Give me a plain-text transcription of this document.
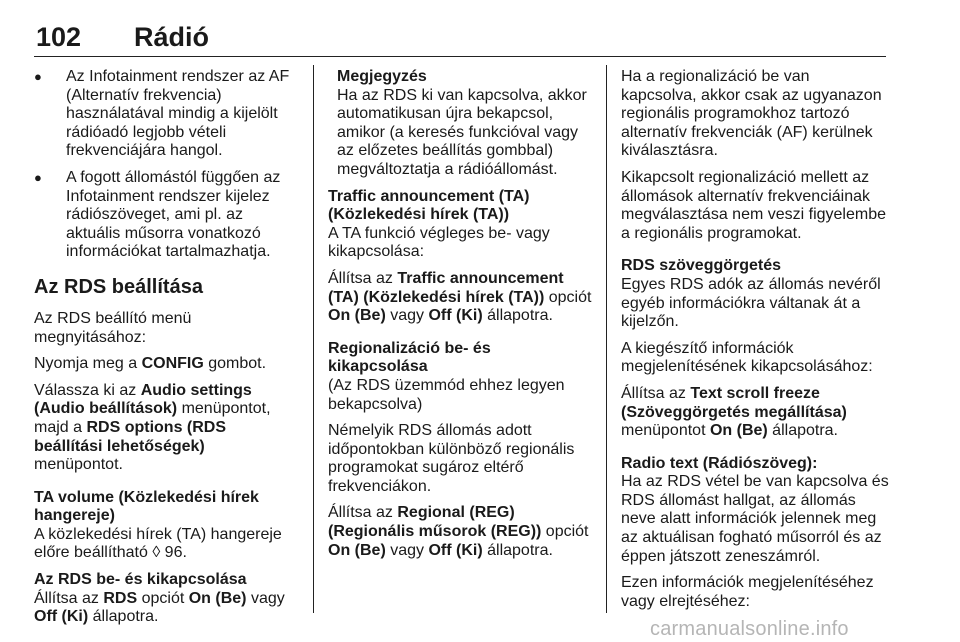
102 Rádió
● Az Infotainment rendszer az AF (Alternatív frekvencia) használatával mindig a kijelölt rádióadó legjobb vételi frekvenciájára hangol.
● A fogott állomástól függően az Infotainment rendszer kijelez rádiószöveget, ami pl. az aktuális műsorra vonatkozó információkat tartalmazhatja.

Az RDS beállítása

Az RDS beállító menü megnyitásához:

Nyomja meg a CONFIG gombot.

Válassza ki az Audio settings (Audio beállítások) menüpontot, majd a RDS options (RDS beállítási lehetőségek) menüpontot.

TA volume (Közlekedési hírek hangereje)

A közlekedési hírek (TA) hangereje előre beállítható ◊ 96.

Az RDS be- és kikapcsolása

Állítsa az RDS opciót On (Be) vagy Off (Ki) állapotra.

Megjegyzés

Ha az RDS ki van kapcsolva, akkor automatikusan újra bekapcsol, amikor (a keresés funkcióval vagy az előzetes beállítás gombbal) megváltoztatja a rádióállomást.

Traffic announcement (TA) (Közlekedési hírek (TA))

A TA funkció végleges be- vagy kikapcsolása:

Állítsa az Traffic announcement (TA) (Közlekedési hírek (TA)) opciót On (Be) vagy Off (Ki) állapotra.

Regionalizáció be- és kikapcsolása

(Az RDS üzemmód ehhez legyen bekapcsolva)

Némelyik RDS állomás adott időpontokban különböző regionális programokat sugároz eltérő frekvenciákon.

Állítsa az Regional (REG) (Regionális műsorok (REG)) opciót On (Be) vagy Off (Ki) állapotra.

Ha a regionalizáció be van kapcsolva, akkor csak az ugyanazon regionális programokhoz tartozó alternatív frekvenciák (AF) kerülnek kiválasztásra.

Kikapcsolt regionalizáció mellett az állomások alternatív frekvenciáinak megválasztása nem veszi figyelembe a regionális programokat.

RDS szöveggörgetés

Egyes RDS adók az állomás nevéről egyéb információkra váltanak át a kijelzőn.

A kiegészítő információk megjelenítésének kikapcsolásához:

Állítsa az Text scroll freeze (Szöveggörgetés megállítása) menüpontot On (Be) állapotra.

Radio text (Rádiószöveg):

Ha az RDS vétel be van kapcsolva és RDS állomást hallgat, az állomás neve alatt információk jelennek meg az aktuálisan fogható műsorról és az éppen játszott zeneszámról.

Ezen információk megjelenítéséhez vagy elrejtéséhez:

carmanualsonline.info
